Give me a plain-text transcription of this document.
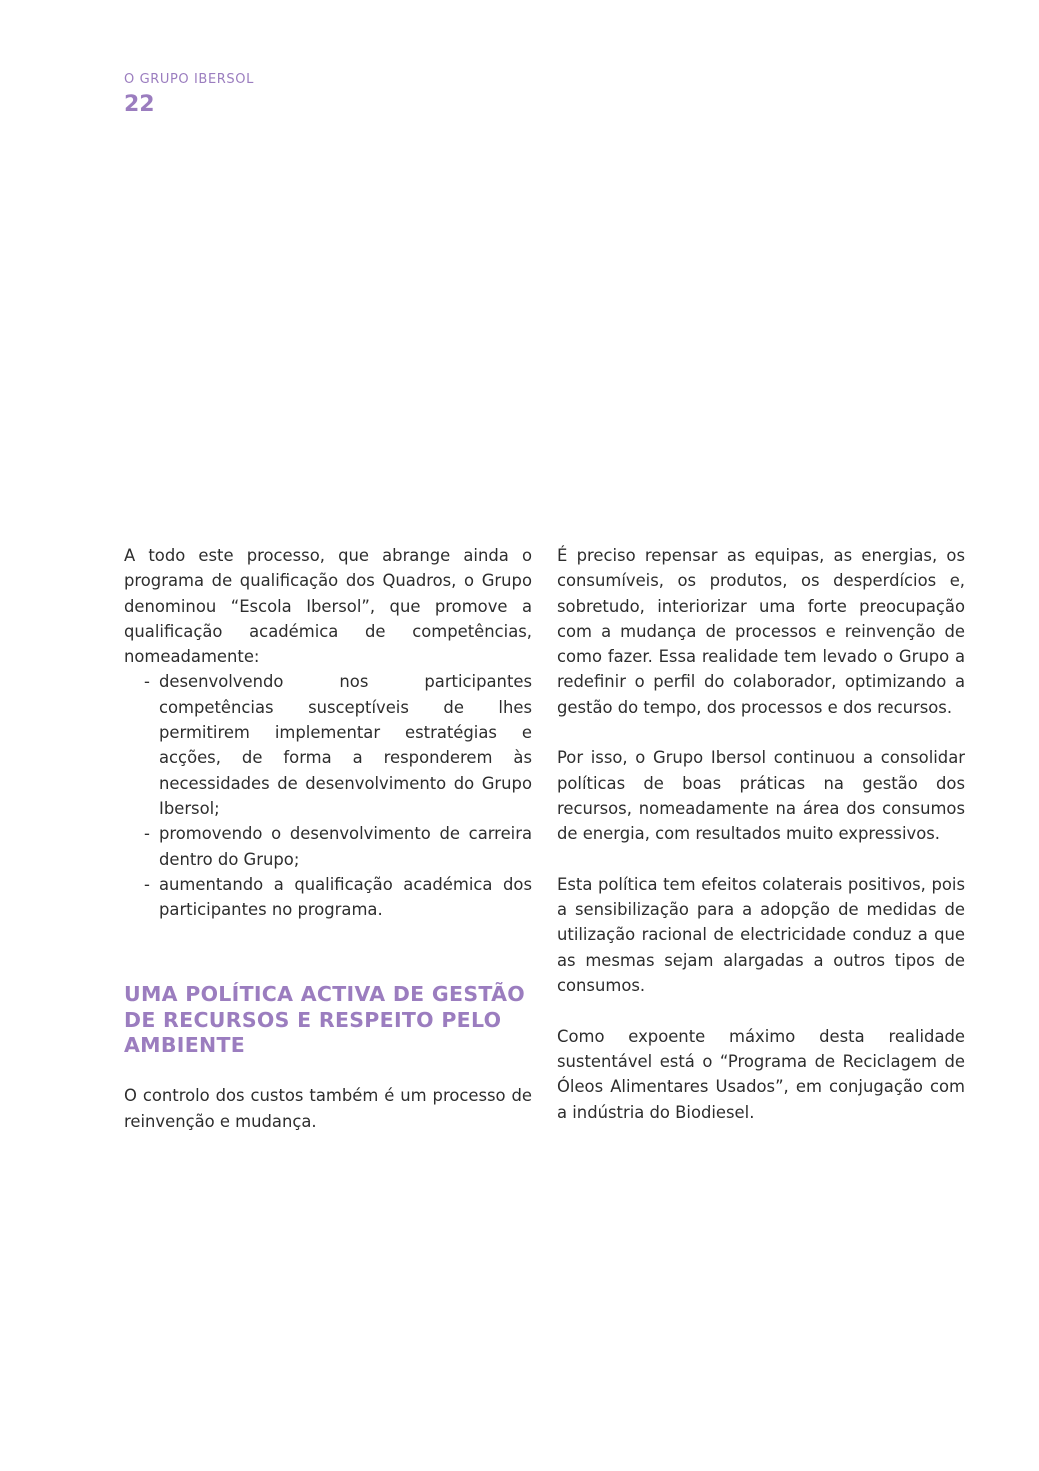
O GRUPO IBERSOL
22

A todo este processo, que abrange ainda o programa de qualificação dos Quadros, o Grupo denominou “Escola Ibersol”, que promove a qualificação académica de competências, nomeadamente:

- desenvolvendo nos participantes competências susceptíveis de lhes permitirem implementar estratégias e acções, de forma a responderem às necessidades de desenvolvimento do Grupo Ibersol;
- promovendo o desenvolvimento de carreira dentro do Grupo;
- aumentando a qualificação académica dos participantes no programa.
UMA POLÍTICA ACTIVA DE GESTÃO DE RECURSOS E RESPEITO PELO AMBIENTE

O controlo dos custos também é um processo de reinvenção e mudança.

É preciso repensar as equipas, as energias, os consumíveis, os produtos, os desperdícios e, sobretudo, interiorizar uma forte preocupação com a mudança de processos e reinvenção de como fazer. Essa realidade tem levado o Grupo a redefinir o perfil do colaborador, optimizando a gestão do tempo, dos processos e dos recursos.

Por isso, o Grupo Ibersol continuou a consolidar políticas de boas práticas na gestão dos recursos, nomeadamente na área dos consumos de energia, com resultados muito expressivos.

Esta política tem efeitos colaterais positivos, pois a sensibilização para a adopção de medidas de utilização racional de electricidade conduz a que as mesmas sejam alargadas a outros tipos de consumos.

Como expoente máximo desta realidade sustentável está o “Programa de Reciclagem de Óleos Alimentares Usados”, em conjugação com a indústria do Biodiesel.
